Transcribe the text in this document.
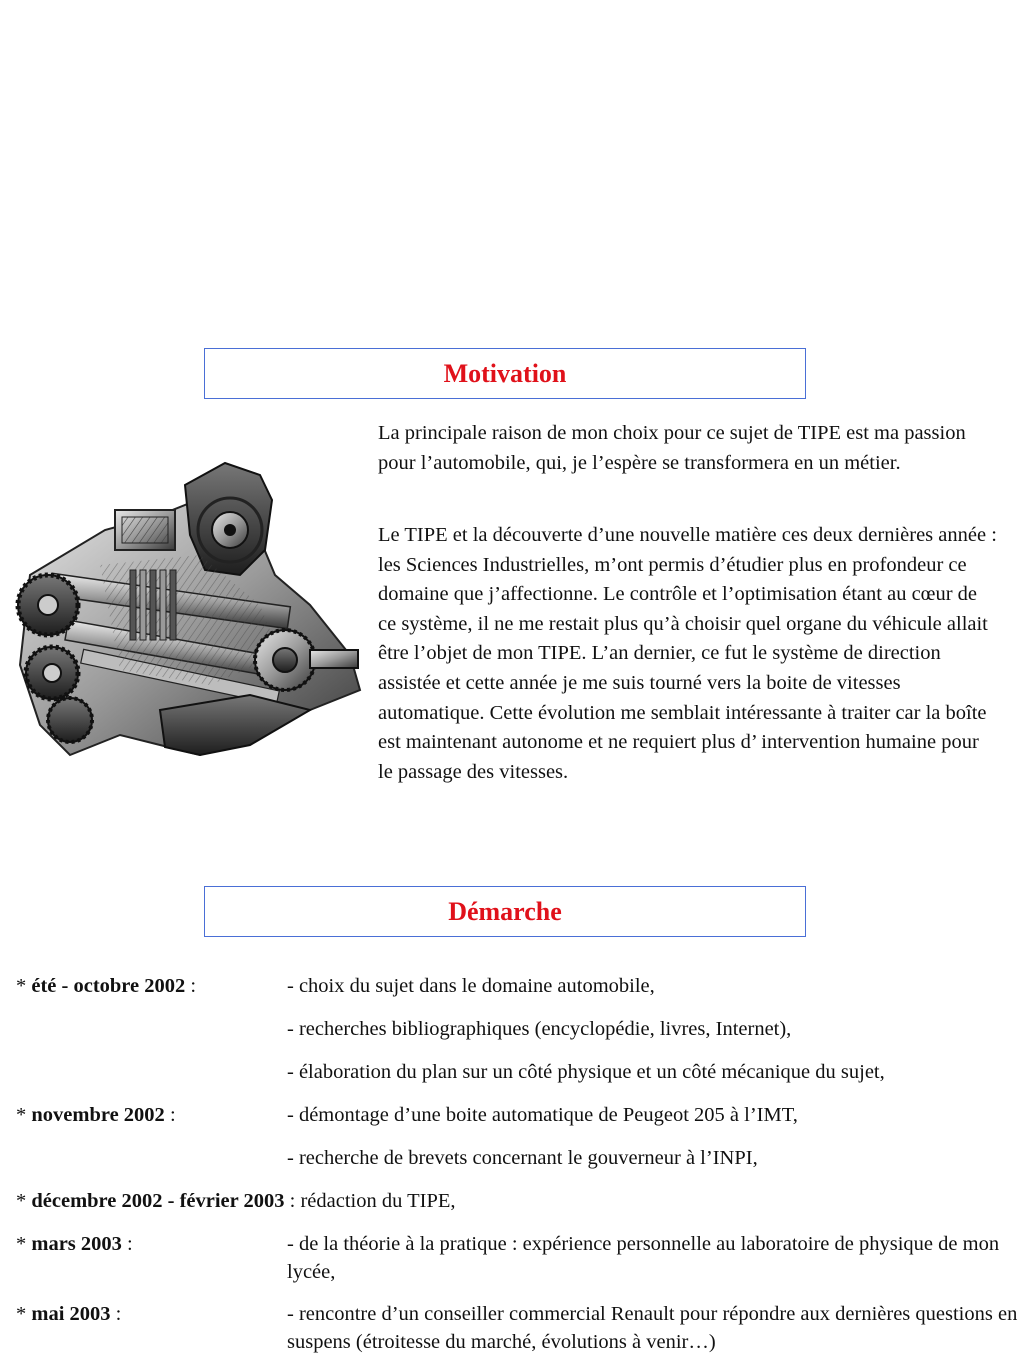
Motivation

La principale raison de mon choix pour ce sujet de TIPE est ma passion pour l’automobile, qui, je l’espère se transformera en un métier.

Le TIPE et la découverte d’une nouvelle matière ces deux dernières année : les Sciences Industrielles, m’ont permis d’étudier plus en profondeur ce domaine que j’affectionne. Le contrôle et l’optimisation étant au cœur de ce système, il ne me restait plus qu’à choisir quel organe du véhicule allait être l’objet de mon TIPE. L’an dernier, ce fut le système de direction assistée et cette année je me suis tourné vers la boite de vitesses automatique. Cette évolution me semblait intéressante à traiter car la boîte est maintenant autonome et ne requiert plus d’ intervention humaine pour le passage des vitesses.

Démarche
* été - octobre 2002 :	- choix du sujet dans le domaine automobile,
- recherches bibliographiques (encyclopédie, livres, Internet),
- élaboration du plan sur un côté physique et un côté mécanique du sujet,
* novembre 2002 :	- démontage d’une boite automatique de Peugeot 205 à l’IMT,
- recherche de brevets concernant le gouverneur à l’INPI,
* décembre 2002 - février 2003 : rédaction du TIPE,
* mars 2003 :	- de la théorie à la pratique : expérience personnelle au laboratoire de physique de mon lycée,
* mai 2003 :	- rencontre d’un conseiller commercial Renault pour répondre aux dernières questions en suspens (étroitesse du marché, évolutions à venir…)
